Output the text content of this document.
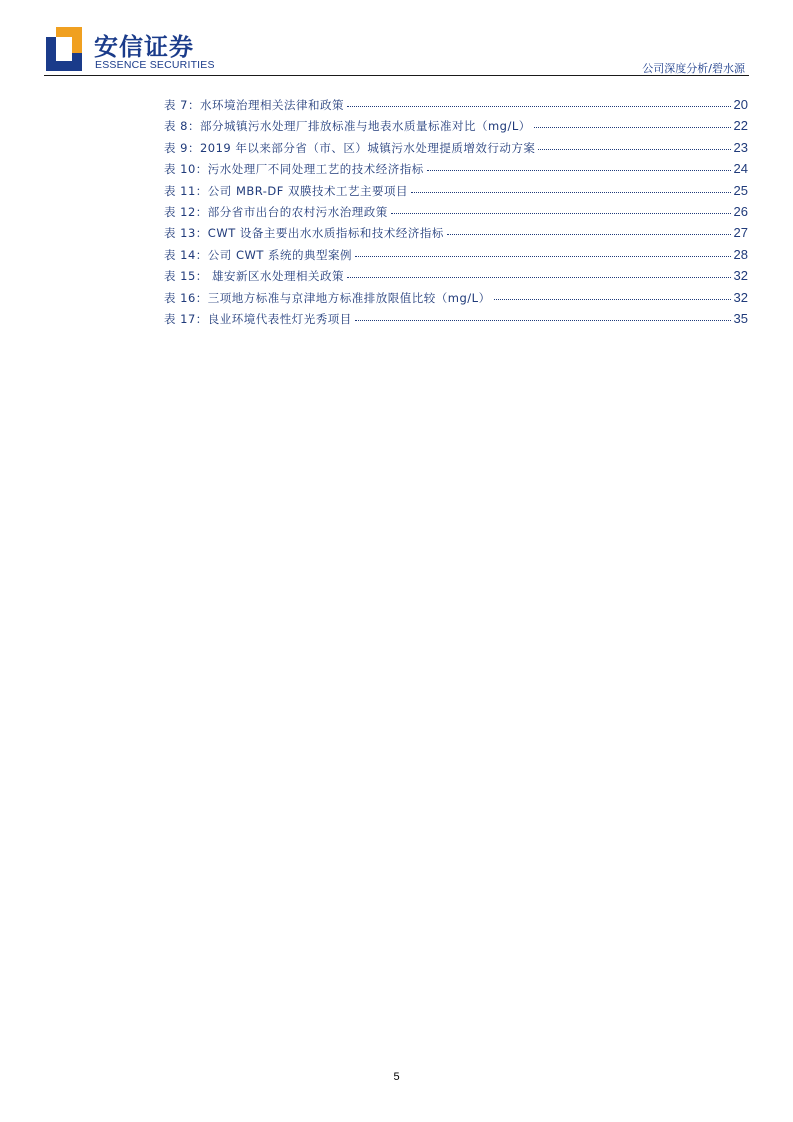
安信证券
ESSENCE SECURITIES	公司深度分析/碧水源
表 7：水环境治理相关法律和政策	20
表 8：部分城镇污水处理厂排放标准与地表水质量标准对比（mg/L）	22
表 9：2019 年以来部分省（市、区）城镇污水处理提质增效行动方案	23
表 10：污水处理厂不同处理工艺的技术经济指标	24
表 11：公司 MBR-DF 双膜技术工艺主要项目	25
表 12：部分省市出台的农村污水治理政策	26
表 13：CWT 设备主要出水水质指标和技术经济指标	27
表 14：公司 CWT 系统的典型案例	28
表 15： 雄安新区水处理相关政策	32
表 16：三项地方标准与京津地方标准排放限值比较（mg/L）	32
表 17：良业环境代表性灯光秀项目	35
5
